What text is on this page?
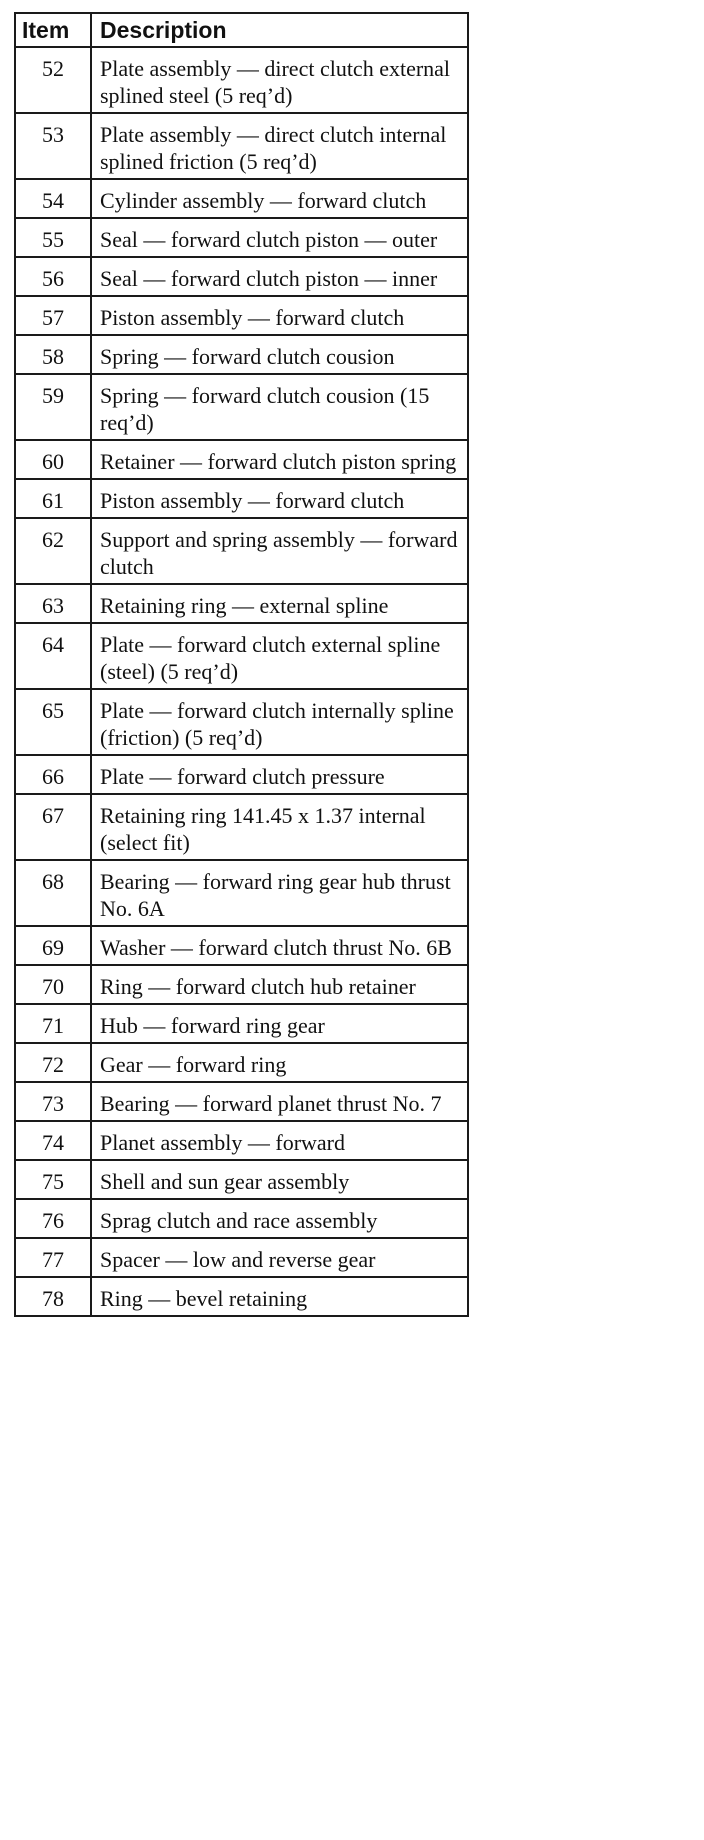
Item	Description
52	Plate assembly — direct clutch external splined steel (5 req’d)
53	Plate assembly — direct clutch internal splined friction (5 req’d)
54	Cylinder assembly — forward clutch
55	Seal — forward clutch piston — outer
56	Seal — forward clutch piston — inner
57	Piston assembly — forward clutch
58	Spring — forward clutch cousion
59	Spring — forward clutch cousion (15 req’d)
60	Retainer — forward clutch piston spring
61	Piston assembly — forward clutch
62	Support and spring assembly — forward clutch
63	Retaining ring — external spline
64	Plate — forward clutch external spline (steel) (5 req’d)
65	Plate — forward clutch internally spline (friction) (5 req’d)
66	Plate — forward clutch pressure
67	Retaining ring 141.45 x 1.37 internal (select fit)
68	Bearing — forward ring gear hub thrust No. 6A
69	Washer — forward clutch thrust No. 6B
70	Ring — forward clutch hub retainer
71	Hub — forward ring gear
72	Gear — forward ring
73	Bearing — forward planet thrust No. 7
74	Planet assembly — forward
75	Shell and sun gear assembly
76	Sprag clutch and race assembly
77	Spacer — low and reverse gear
78	Ring — bevel retaining
